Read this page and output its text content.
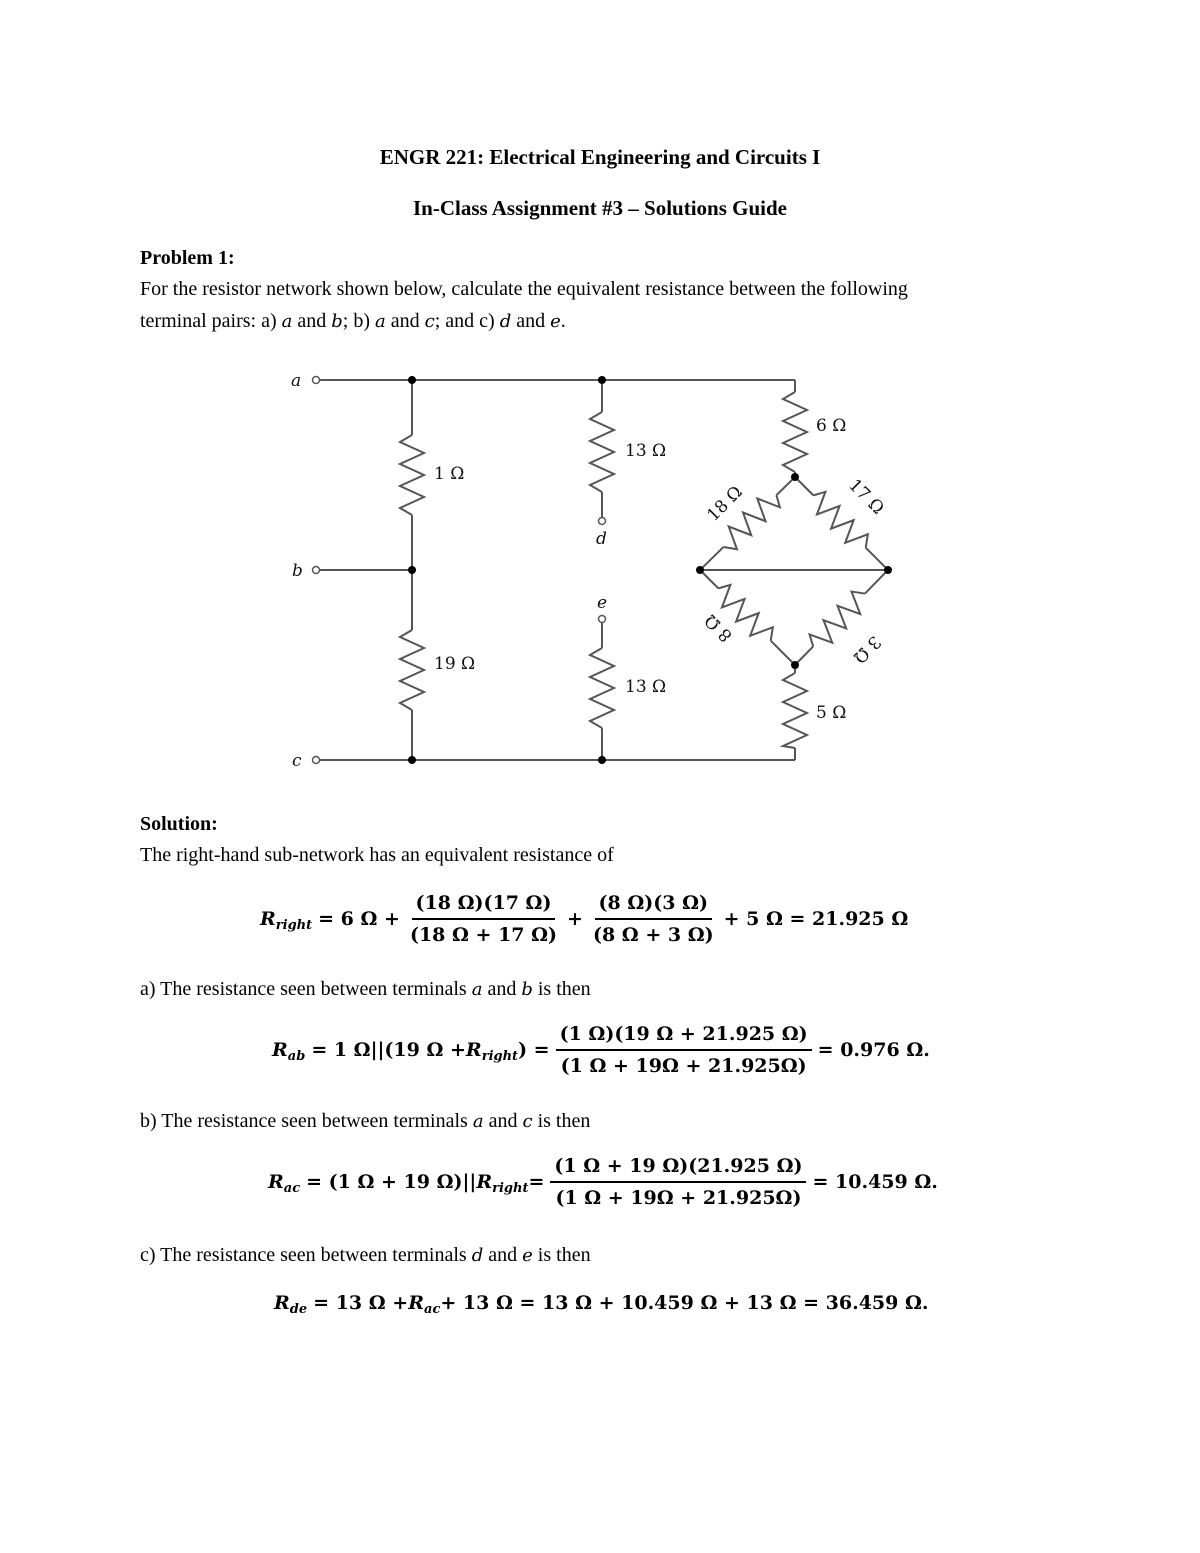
ENGR 221: Electrical Engineering and Circuits I
In-Class Assignment #3 – Solutions Guide
Problem 1:
For the resistor network shown below, calculate the equivalent resistance between the following
terminal pairs: a) a and b; b) a and c; and c) d and e.
a
b
c
d
e
1 Ω
19 Ω
13 Ω
13 Ω
6 Ω
5 Ω
18 Ω	17 Ω
8 Ω
3 Ω
Solution:
The right-hand sub-network has an equivalent resistance of
R right = 6 $\Omega + \frac{(18 \Omega)(17 \Omega)}{(18 \Omega + 17 \Omega)} + \frac{(8 \Omega)(3 \Omega)}{(8 \Omega + 3 \Omega)} + 5$ Ω = 21.925 Ω
a) The resistance seen between terminals a and b is then
R ab = 1 Ω||(19 Ω + R right ) = $\frac{(1 \Omega)(19 \Omega + 21.925 \Omega)}{(1 \Omega + 19\Omega + 21.925\Omega)} = 0.976$ Ω.
b) The resistance seen between terminals a and c is then
R ac = (1 Ω + 19 Ω)|| R right = $\frac{(1 \Omega + 19 \Omega)(21.925 \Omega)}{(1 \Omega + 19\Omega + 21.925\Omega)} = 10.459$ Ω.
c) The resistance seen between terminals d and e is then
R de = 13 Ω + R ac + 13 Ω = 13 Ω + 10.459 Ω + 13 Ω = 36.459 Ω.
